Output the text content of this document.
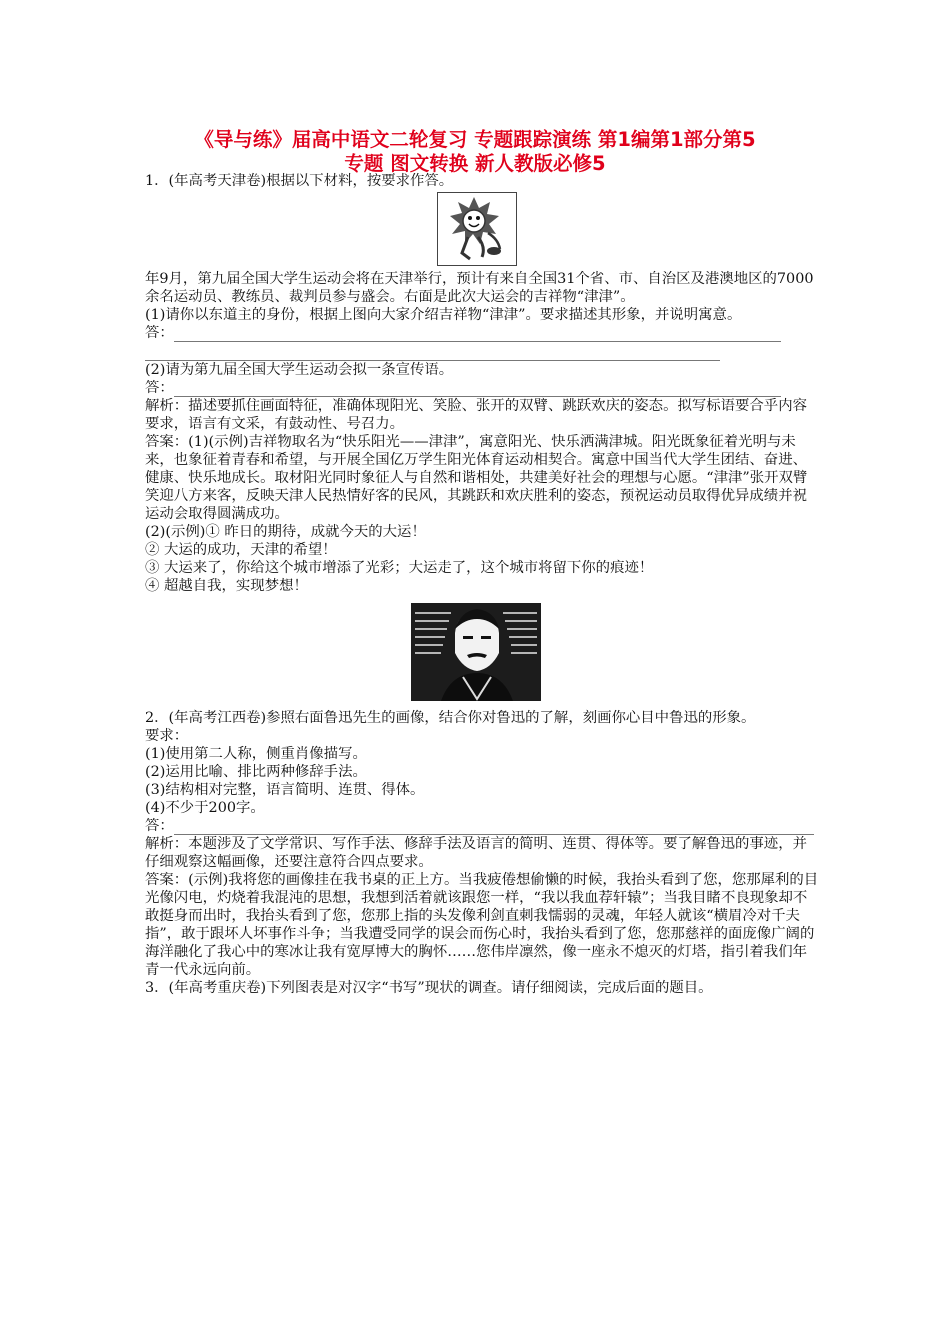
《导与练》届高中语文二轮复习 专题跟踪演练 第1编第1部分第5
专题 图文转换 新人教版必修5

1．(年高考天津卷)根据以下材料，按要求作答。

年9月，第九届全国大学生运动会将在天津举行，预计有来自全国31个省、市、自治区及港澳地区的7000余名运动员、教练员、裁判员参与盛会。右面是此次大运会的吉祥物“津津”。

(1)请你以东道主的身份，根据上图向大家介绍吉祥物“津津”。要求描述其形象，并说明寓意。

答：

(2)请为第九届全国大学生运动会拟一条宣传语。

答：

解析：描述要抓住画面特征，准确体现阳光、笑脸、张开的双臂、跳跃欢庆的姿态。拟写标语要合乎内容要求，语言有文采，有鼓动性、号召力。

答案：(1)(示例)吉祥物取名为“快乐阳光——津津”，寓意阳光、快乐洒满津城。阳光既象征着光明与未来，也象征着青春和希望，与开展全国亿万学生阳光体育运动相契合。寓意中国当代大学生团结、奋进、健康、快乐地成长。取材阳光同时象征人与自然和谐相处，共建美好社会的理想与心愿。“津津”张开双臂笑迎八方来客，反映天津人民热情好客的民风，其跳跃和欢庆胜利的姿态，预祝运动员取得优异成绩并祝运动会取得圆满成功。

(2)(示例)① 昨日的期待，成就今天的大运！

② 大运的成功，天津的希望！

③ 大运来了，你给这个城市增添了光彩；大运走了，这个城市将留下你的痕迹！

④ 超越自我，实现梦想！

2．(年高考江西卷)参照右面鲁迅先生的画像，结合你对鲁迅的了解，刻画你心目中鲁迅的形象。

要求：

(1)使用第二人称，侧重肖像描写。

(2)运用比喻、排比两种修辞手法。

(3)结构相对完整，语言简明、连贯、得体。

(4)不少于200字。

答：

解析：本题涉及了文学常识、写作手法、修辞手法及语言的简明、连贯、得体等。要了解鲁迅的事迹，并仔细观察这幅画像，还要注意符合四点要求。

答案：(示例)我将您的画像挂在我书桌的正上方。当我疲倦想偷懒的时候，我抬头看到了您，您那犀利的目光像闪电，灼烧着我混沌的思想，我想到活着就该跟您一样，“我以我血荐轩辕”；当我目睹不良现象却不敢挺身而出时，我抬头看到了您，您那上指的头发像利剑直刺我懦弱的灵魂，年轻人就该“横眉冷对千夫指”，敢于跟坏人坏事作斗争；当我遭受同学的误会而伤心时，我抬头看到了您，您那慈祥的面庞像广阔的海洋融化了我心中的寒冰让我有宽厚博大的胸怀……您伟岸凛然，像一座永不熄灭的灯塔，指引着我们年青一代永远向前。

3．(年高考重庆卷)下列图表是对汉字“书写”现状的调查。请仔细阅读，完成后面的题目。
